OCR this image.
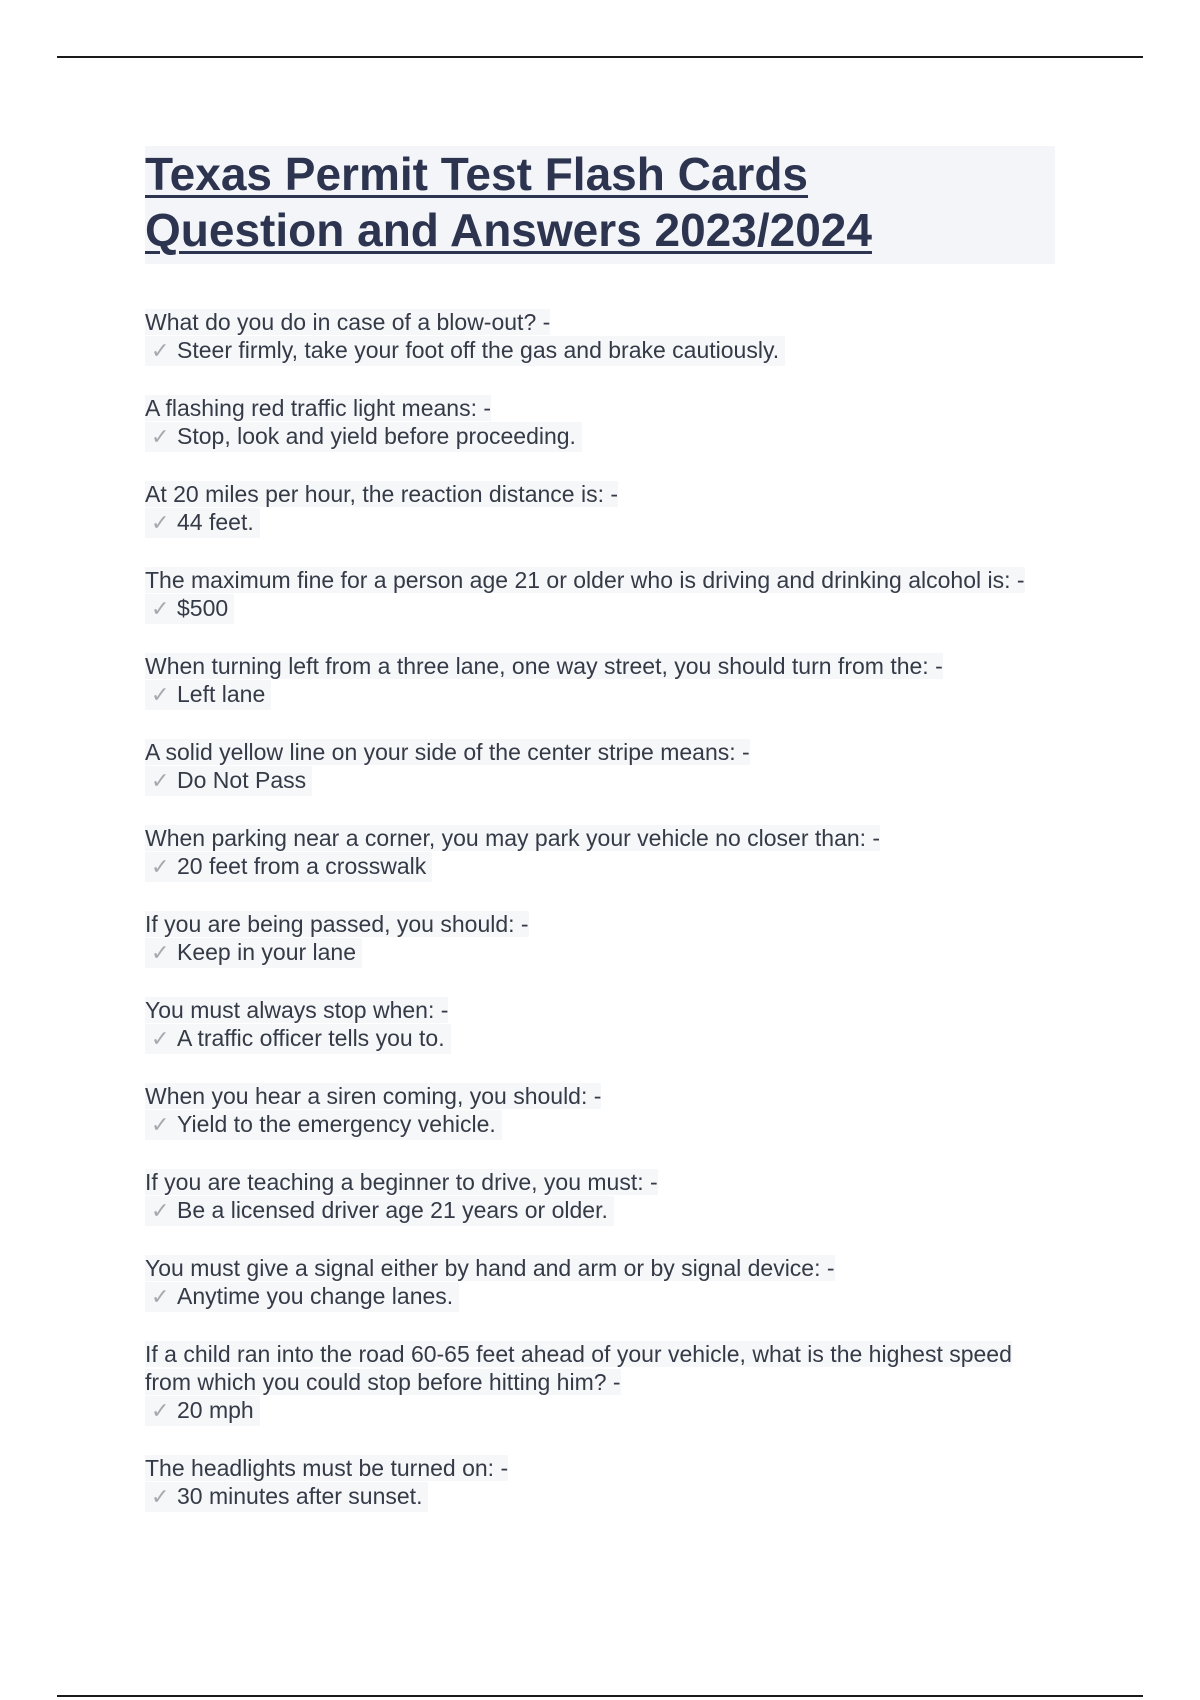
Texas Permit Test Flash Cards
Question and Answers 2023/2024
What do you do in case of a blow-out? -
✓ Steer firmly, take your foot off the gas and brake cautiously.
A flashing red traffic light means: -
✓ Stop, look and yield before proceeding.
At 20 miles per hour, the reaction distance is: -
✓ 44 feet.
The maximum fine for a person age 21 or older who is driving and drinking alcohol is: -
✓ $500
When turning left from a three lane, one way street, you should turn from the: -
✓ Left lane
A solid yellow line on your side of the center stripe means: -
✓ Do Not Pass
When parking near a corner, you may park your vehicle no closer than: -
✓ 20 feet from a crosswalk
If you are being passed, you should: -
✓ Keep in your lane
You must always stop when: -
✓ A traffic officer tells you to.
When you hear a siren coming, you should: -
✓ Yield to the emergency vehicle.
If you are teaching a beginner to drive, you must: -
✓ Be a licensed driver age 21 years or older.
You must give a signal either by hand and arm or by signal device: -
✓ Anytime you change lanes.
If a child ran into the road 60-65 feet ahead of your vehicle, what is the highest speed from which you could stop before hitting him? -
✓ 20 mph
The headlights must be turned on: -
✓ 30 minutes after sunset.
